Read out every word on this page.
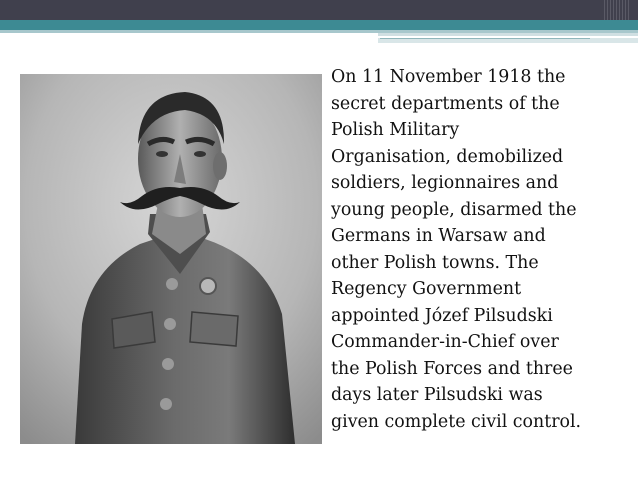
On 11 November 1918 the
secret departments of the
Polish Military
Organisation, demobilized
soldiers, legionnaires and
young people, disarmed the
Germans in Warsaw and
other Polish towns. The
Regency Government
appointed Józef Pilsudski
Commander-in-Chief over
the Polish Forces and three
days later Pilsudski was
given complete civil control.
